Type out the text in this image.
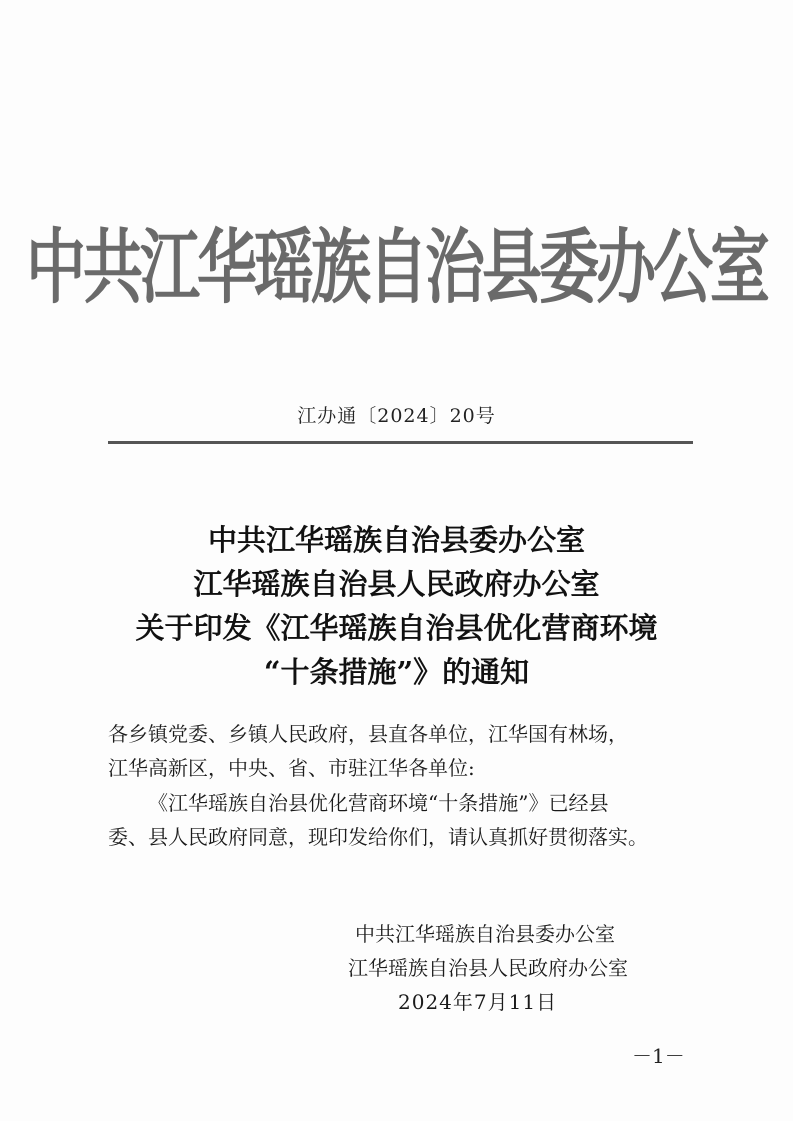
中共江华瑶族自治县委办公室
江办通〔2024〕20号
中共江华瑶族自治县委办公室
江华瑶族自治县人民政府办公室
关于印发《江华瑶族自治县优化营商环境
“十条措施”》的通知
各乡镇党委、乡镇人民政府，县直各单位，江华国有林场，
江华高新区，中央、省、市驻江华各单位:
《江华瑶族自治县优化营商环境“十条措施”》已经县
委、县人民政府同意，现印发给你们，请认真抓好贯彻落实。
中共江华瑶族自治县委办公室
江华瑶族自治县人民政府办公室
2024年7月11日
－1－
